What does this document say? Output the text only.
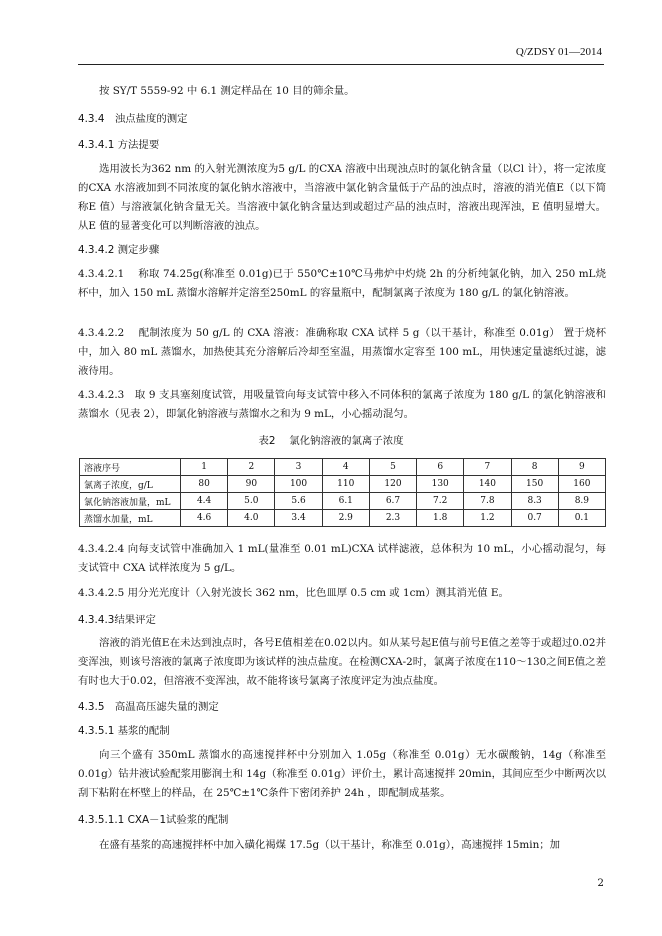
Q/ZDSY 01—2014
按 SY/T 5559-92 中 6.1 测定样品在 10 目的筛余量。
4.3.4　浊点盐度的测定
4.3.4.1 方法提要
选用波长为362 nm 的入射光测浓度为5 g/L 的CXA 溶液中出现浊点时的氯化钠含量（以Cl 计），将一定浓度的CXA 水溶液加到不同浓度的氯化钠水溶液中，当溶液中氯化钠含量低于产品的浊点时，溶液的消光值E（以下简称E 值）与溶液氯化钠含量无关。当溶液中氯化钠含量达到或超过产品的浊点时，溶液出现浑浊，E 值明显增大。从E 值的显著变化可以判断溶液的浊点。
4.3.4.2 测定步骤
4.3.4.2.1　 称取 74.25g(称准至 0.01g)已于 550℃±10℃马弗炉中灼烧 2h 的分析纯氯化钠，加入 250 mL烧杯中，加入 150 mL 蒸馏水溶解并定溶至250mL 的容量瓶中，配制氯离子浓度为 180 g/L 的氯化钠溶液。
4.3.4.2.2　 配制浓度为 50 g/L 的 CXA 溶液：准确称取 CXA 试样 5 g（以干基计，称准至 0.01g） 置于烧杯中，加入 80 mL 蒸馏水，加热使其充分溶解后冷却至室温，用蒸馏水定容至 100 mL，用快速定量滤纸过滤，滤液待用。
4.3.4.2.3　取 9 支具塞刻度试管，用吸量管向每支试管中移入不同体积的氯离子浓度为 180 g/L 的氯化钠溶液和蒸馏水（见表 2），即氯化钠溶液与蒸馏水之和为 9 mL，小心摇动混匀。
表2　 氯化钠溶液的氯离子浓度
溶液序号	1	2	3	4	5	6	7	8	9
氯离子浓度，g/L	80	90	100	110	120	130	140	150	160
氯化钠溶液加量，mL	4.4	5.0	5.6	6.1	6.7	7.2	7.8	8.3	8.9
蒸馏水加量，mL	4.6	4.0	3.4	2.9	2.3	1.8	1.2	0.7	0.1
4.3.4.2.4 向每支试管中准确加入 1 mL(量准至 0.01 mL)CXA 试样滤液，总体积为 10 mL，小心摇动混匀，每支试管中 CXA 试样浓度为 5 g/L。
4.3.4.2.5 用分光光度计（入射光波长 362 nm，比色皿厚 0.5 cm 或 1cm）测其消光值 E。
4.3.4.3结果评定
溶液的消光值E在未达到浊点时，各号E值相差在0.02以内。如从某号起E值与前号E值之差等于或超过0.02并变浑浊，则该号溶液的氯离子浓度即为该试样的浊点盐度。在检测CXA-2时，氯离子浓度在110～130之间E值之差有时也大于0.02，但溶液不变浑浊，故不能将该号氯离子浓度评定为浊点盐度。
4.3.5　高温高压滤失量的测定
4.3.5.1 基浆的配制
向三个盛有 350mL 蒸馏水的高速搅拌杯中分别加入 1.05g（称准至 0.01g）无水碳酸钠，14g（称准至 0.01g）钻井液试验配浆用膨润土和 14g（称准至 0.01g）评价土，累计高速搅拌 20min，其间应至少中断两次以刮下粘附在杯壁上的样品，在 25℃±1℃条件下密闭养护 24h ，即配制成基浆。
4.3.5.1.1 CXA－1试验浆的配制
在盛有基浆的高速搅拌杯中加入磺化褐煤 17.5g（以干基计，称准至 0.01g），高速搅拌 15min；加
2
